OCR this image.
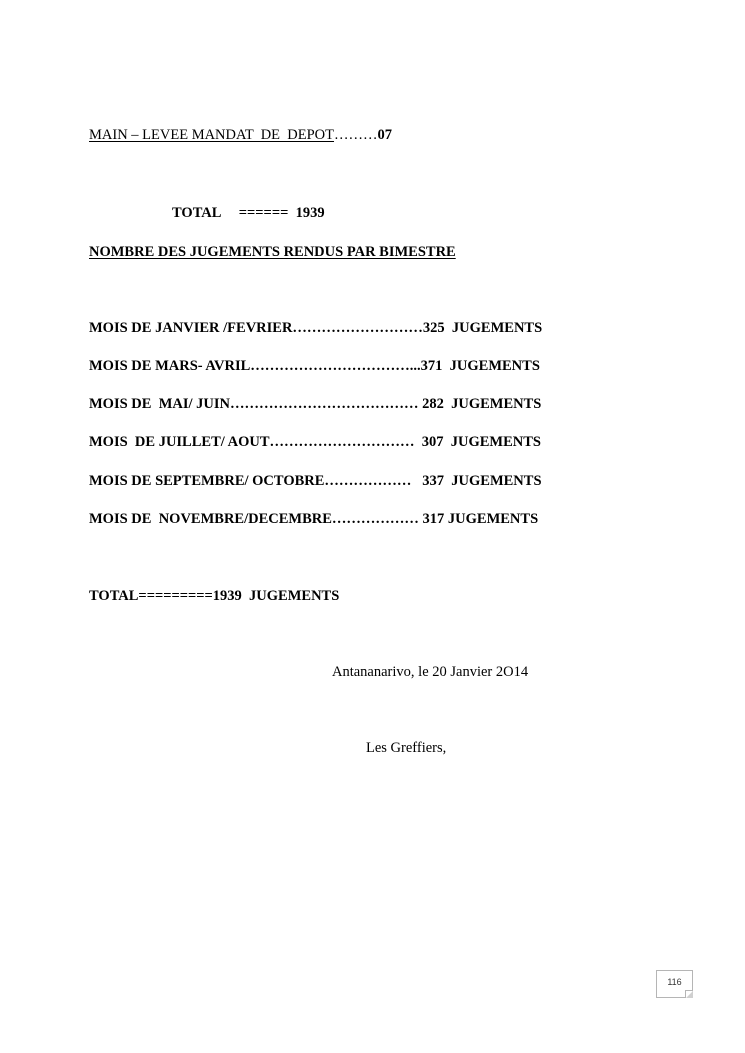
MAIN – LEVEE MANDAT  DE  DEPOT………07

TOTAL ====== 1939

NOMBRE DES JUGEMENTS RENDUS PAR BIMESTRE

MOIS DE JANVIER /FEVRIER………………………325  JUGEMENTS

MOIS DE MARS- AVRIL……………………………...371  JUGEMENTS

MOIS DE  MAI/ JUIN………………………………… 282  JUGEMENTS

MOIS  DE JUILLET/ AOUT…………………………  307  JUGEMENTS

MOIS DE SEPTEMBRE/ OCTOBRE………………   337  JUGEMENTS

MOIS DE  NOVEMBRE/DECEMBRE……………… 317 JUGEMENTS

TOTAL=========1939  JUGEMENTS

Antananarivo, le 20 Janvier 2O14

Les Greffiers,

116
